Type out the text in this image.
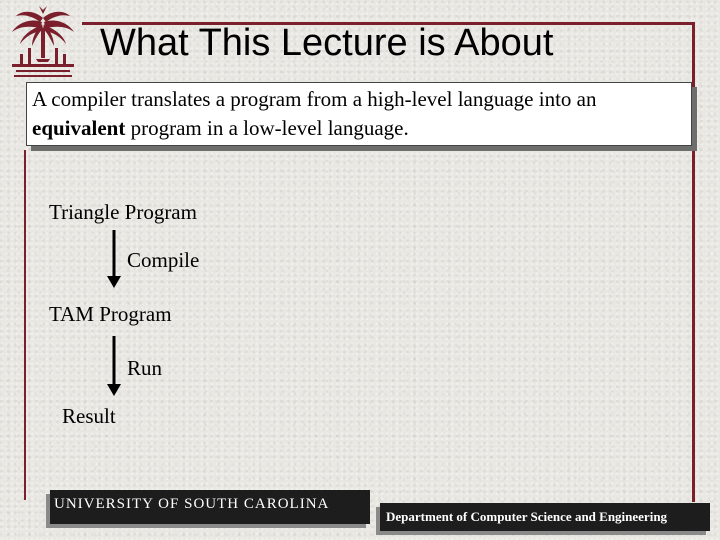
What This Lecture is About
A compiler translates a program from a high-level language into an
equivalent program in a low-level language.
Triangle Program
Compile
TAM Program
Run
Result
UNIVERSITY OF SOUTH CAROLINA
Department of Computer Science and Engineering
